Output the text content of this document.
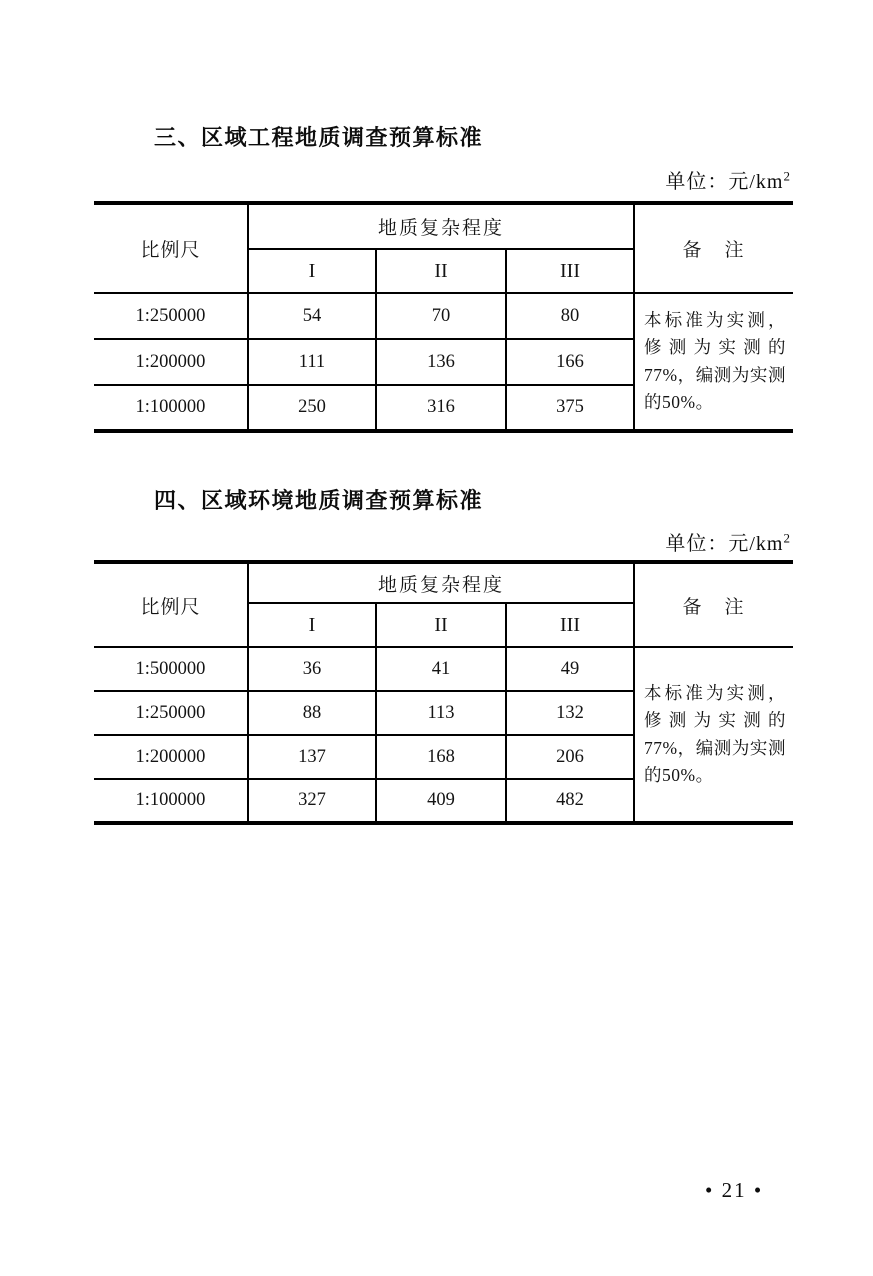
三、区域工程地质调查预算标准
单位：元$/km^2$
比例尺	地质复杂程度			备　注
	I	II	III	
1:250000	54	70	80	本标准为实测，修测为实测的77%，编测为实测的50%。
1:200000	111	136	166	
1:100000	250	316	375	
四、区域环境地质调查预算标准
单位：元$/km^2$
比例尺	地质复杂程度			备　注
	I	II	III	
1:500000	36	41	49	本标准为实测，修测为实测的77%，编测为实测的50%。
1:250000	88	113	132	
1:200000	137	168	206	
1:100000	327	409	482	
• 21 •
